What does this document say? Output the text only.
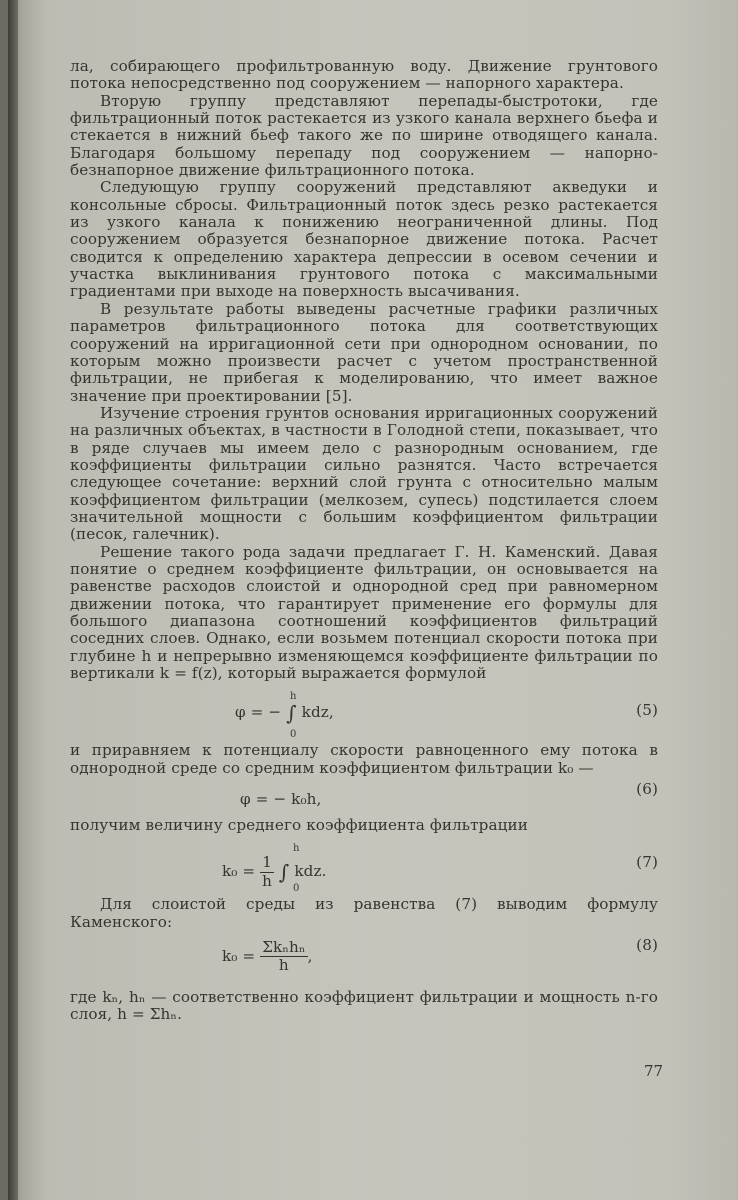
ла, собирающего профильтрованную воду. Движение грунтового потока непосредственно под сооружением — напорного характера.

Вторую группу представляют перепады-быстротоки, где фильтрационный поток растекается из узкого канала верхнего бьефа и стекается в нижний бьеф такого же по ширине отводящего канала. Благодаря большому перепаду под сооружением — напорно-безнапорное движение фильтрационного потока.

Следующую группу сооружений представляют акведуки и консольные сбросы. Фильтрационный поток здесь резко растекается из узкого канала к понижению неограниченной длины. Под сооружением образуется безнапорное движение потока. Расчет сводится к определению характера депрессии в осевом сечении и участка выклинивания грунтового потока с максимальными градиентами при выходе на поверхность высачивания.

В результате работы выведены расчетные графики различных параметров фильтрационного потока для соответствующих сооружений на ирригационной сети при однородном основании, по которым можно произвести расчет с учетом пространственной фильтрации, не прибегая к моделированию, что имеет важное значение при проектировании [5].

Изучение строения грунтов основания ирригационных сооружений на различных объектах, в частности в Голодной степи, показывает, что в ряде случаев мы имеем дело с разнородным основанием, где коэффициенты фильтрации сильно разнятся. Часто встречается следующее сочетание: верхний слой грунта с относительно малым коэффициентом фильтрации (мелкозем, супесь) подстилается слоем значительной мощности с большим коэффициентом фильтрации (песок, галечник).

Решение такого рода задачи предлагает Г. Н. Каменский. Давая понятие о среднем коэффициенте фильтрации, он основывается на равенстве расходов слоистой и однородной сред при равномерном движении потока, что гарантирует применение его формулы для большого диапазона соотношений коэффициентов фильтраций соседних слоев. Однако, если возьмем потенциал скорости потока при глубине h и непрерывно изменяющемся коэффициенте фильтрации по вертикали k = f(z), который выражается формулой

φ = − ∫ kdz,
h
0
(5)

и приравняем к потенциалу скорости равноценного ему потока в однородной среде со средним коэффициентом фильтрации k₀ —

φ = − k₀h,
(6)

получим величину среднего коэффициента фильтрации

$k_0 = \frac{1}{h}$ ∫ kdz.
h
0
(7)

Для слоистой среды из равенства (7) выводим формулу Каменского:

$k_0 = \frac{\text{Σkₙhₙ}}{h}$ ,
(8)

где kₙ, hₙ — соответственно коэффициент фильтрации и мощность n-го слоя, h = Σhₙ.

77
